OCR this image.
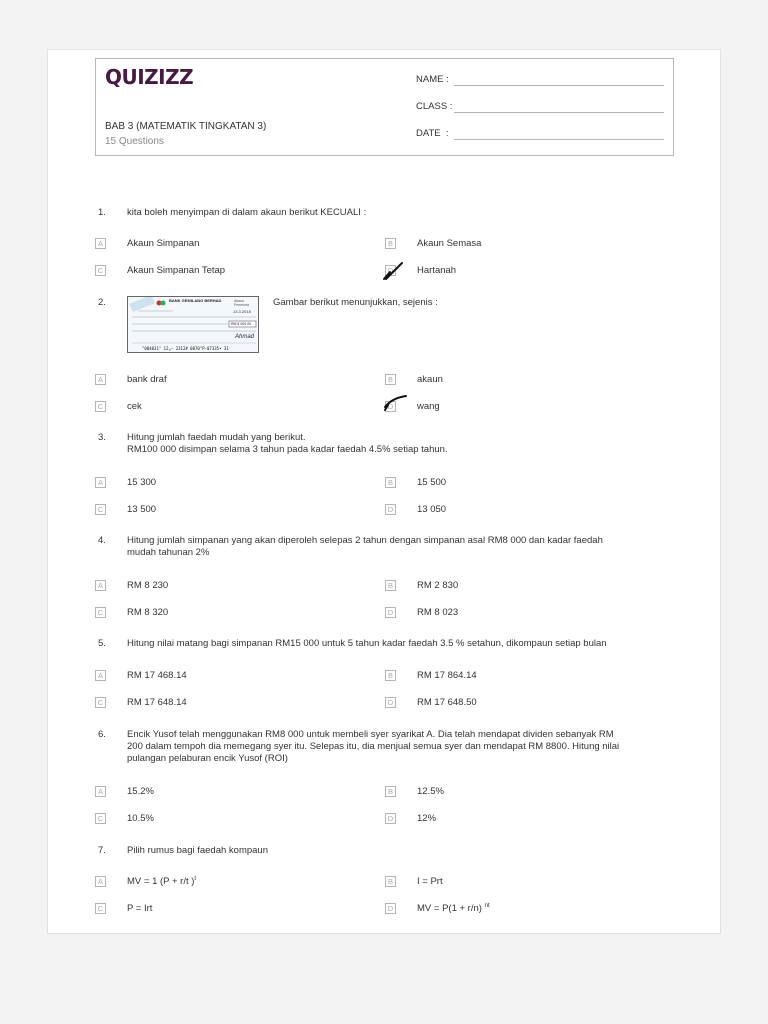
QUIZIZZ
BAB 3 (MATEMATIK TINGKATAN 3)
15 Questions
NAME :
CLASS :
DATE  :
1.	kita boleh menyimpan di dalam akaun berikut KECUALI :
A	Akaun Simpanan	B	Akaun Semasa
C	Akaun Simpanan Tetap	D	Hartanah
2.	Gambar berikut menunjukkan, sejenis :
BANK GEMILANG BERHAD	Akaun Penerima
13.3.2018
RM 8 000.00
Ahmad
"004031" 12„— 2312# 0070"P-07335• 31
A	bank draf	B	akaun
C	cek	D	wang
3.	Hitung jumlah faedah mudah yang berikut.
RM100 000 disimpan selama 3 tahun pada kadar faedah 4.5% setiap tahun.
A	15 300	B	15 500
C	13 500	D	13 050
4.	Hitung jumlah simpanan yang akan diperoleh selepas 2 tahun dengan simpanan asal RM8 000 dan kadar faedah
mudah tahunan 2%
A	RM 8 230	B	RM 2 830
C	RM 8 320	D	RM 8 023
5.	Hitung nilai matang bagi simpanan RM15 000 untuk 5 tahun kadar faedah 3.5 % setahun, dikompaun setiap bulan
A	RM 17 468.14	B	RM 17 864.14
C	RM 17 648.14	D	RM 17 648.50
6.	Encik Yusof telah menggunakan RM8 000 untuk membeli syer syarikat A. Dia telah mendapat dividen sebanyak RM
200 dalam tempoh dia memegang syer itu. Selepas itu, dia menjual semua syer dan mendapat RM 8800. Hitung nilai
pulangan pelaburan encik Yusof (ROI)
A	15.2%	B	12.5%
C	10.5%	D	12%
7.	Pilih rumus bagi faedah kompaun
A	MV = 1 (P + r/t )$^t$	B	I = Prt
C	P = Irt	D	MV = P(1 + r/n) $^{nt}$
